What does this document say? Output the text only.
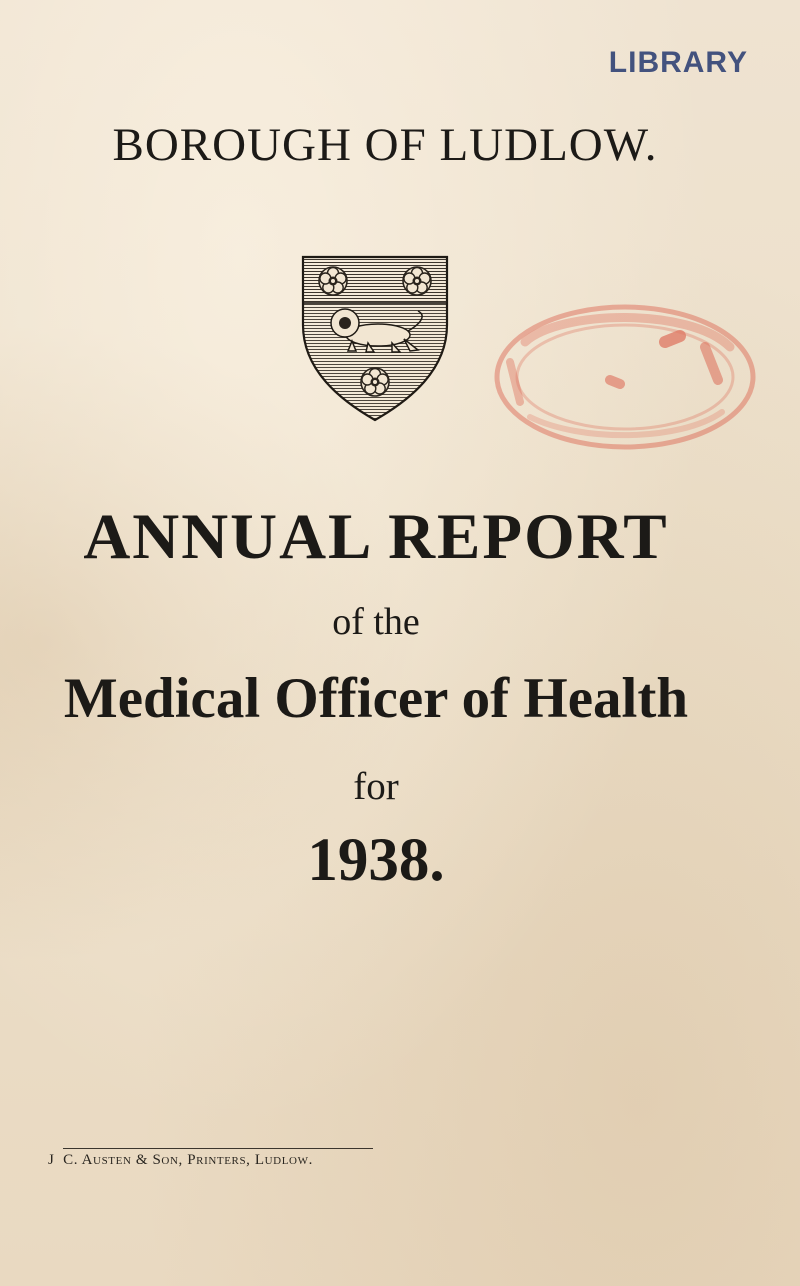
LIBRARY
BOROUGH OF LUDLOW.
ANNUAL REPORT
of the
Medical Officer of Health
for
1938.
J C. Austen & Son, Printers, Ludlow.
